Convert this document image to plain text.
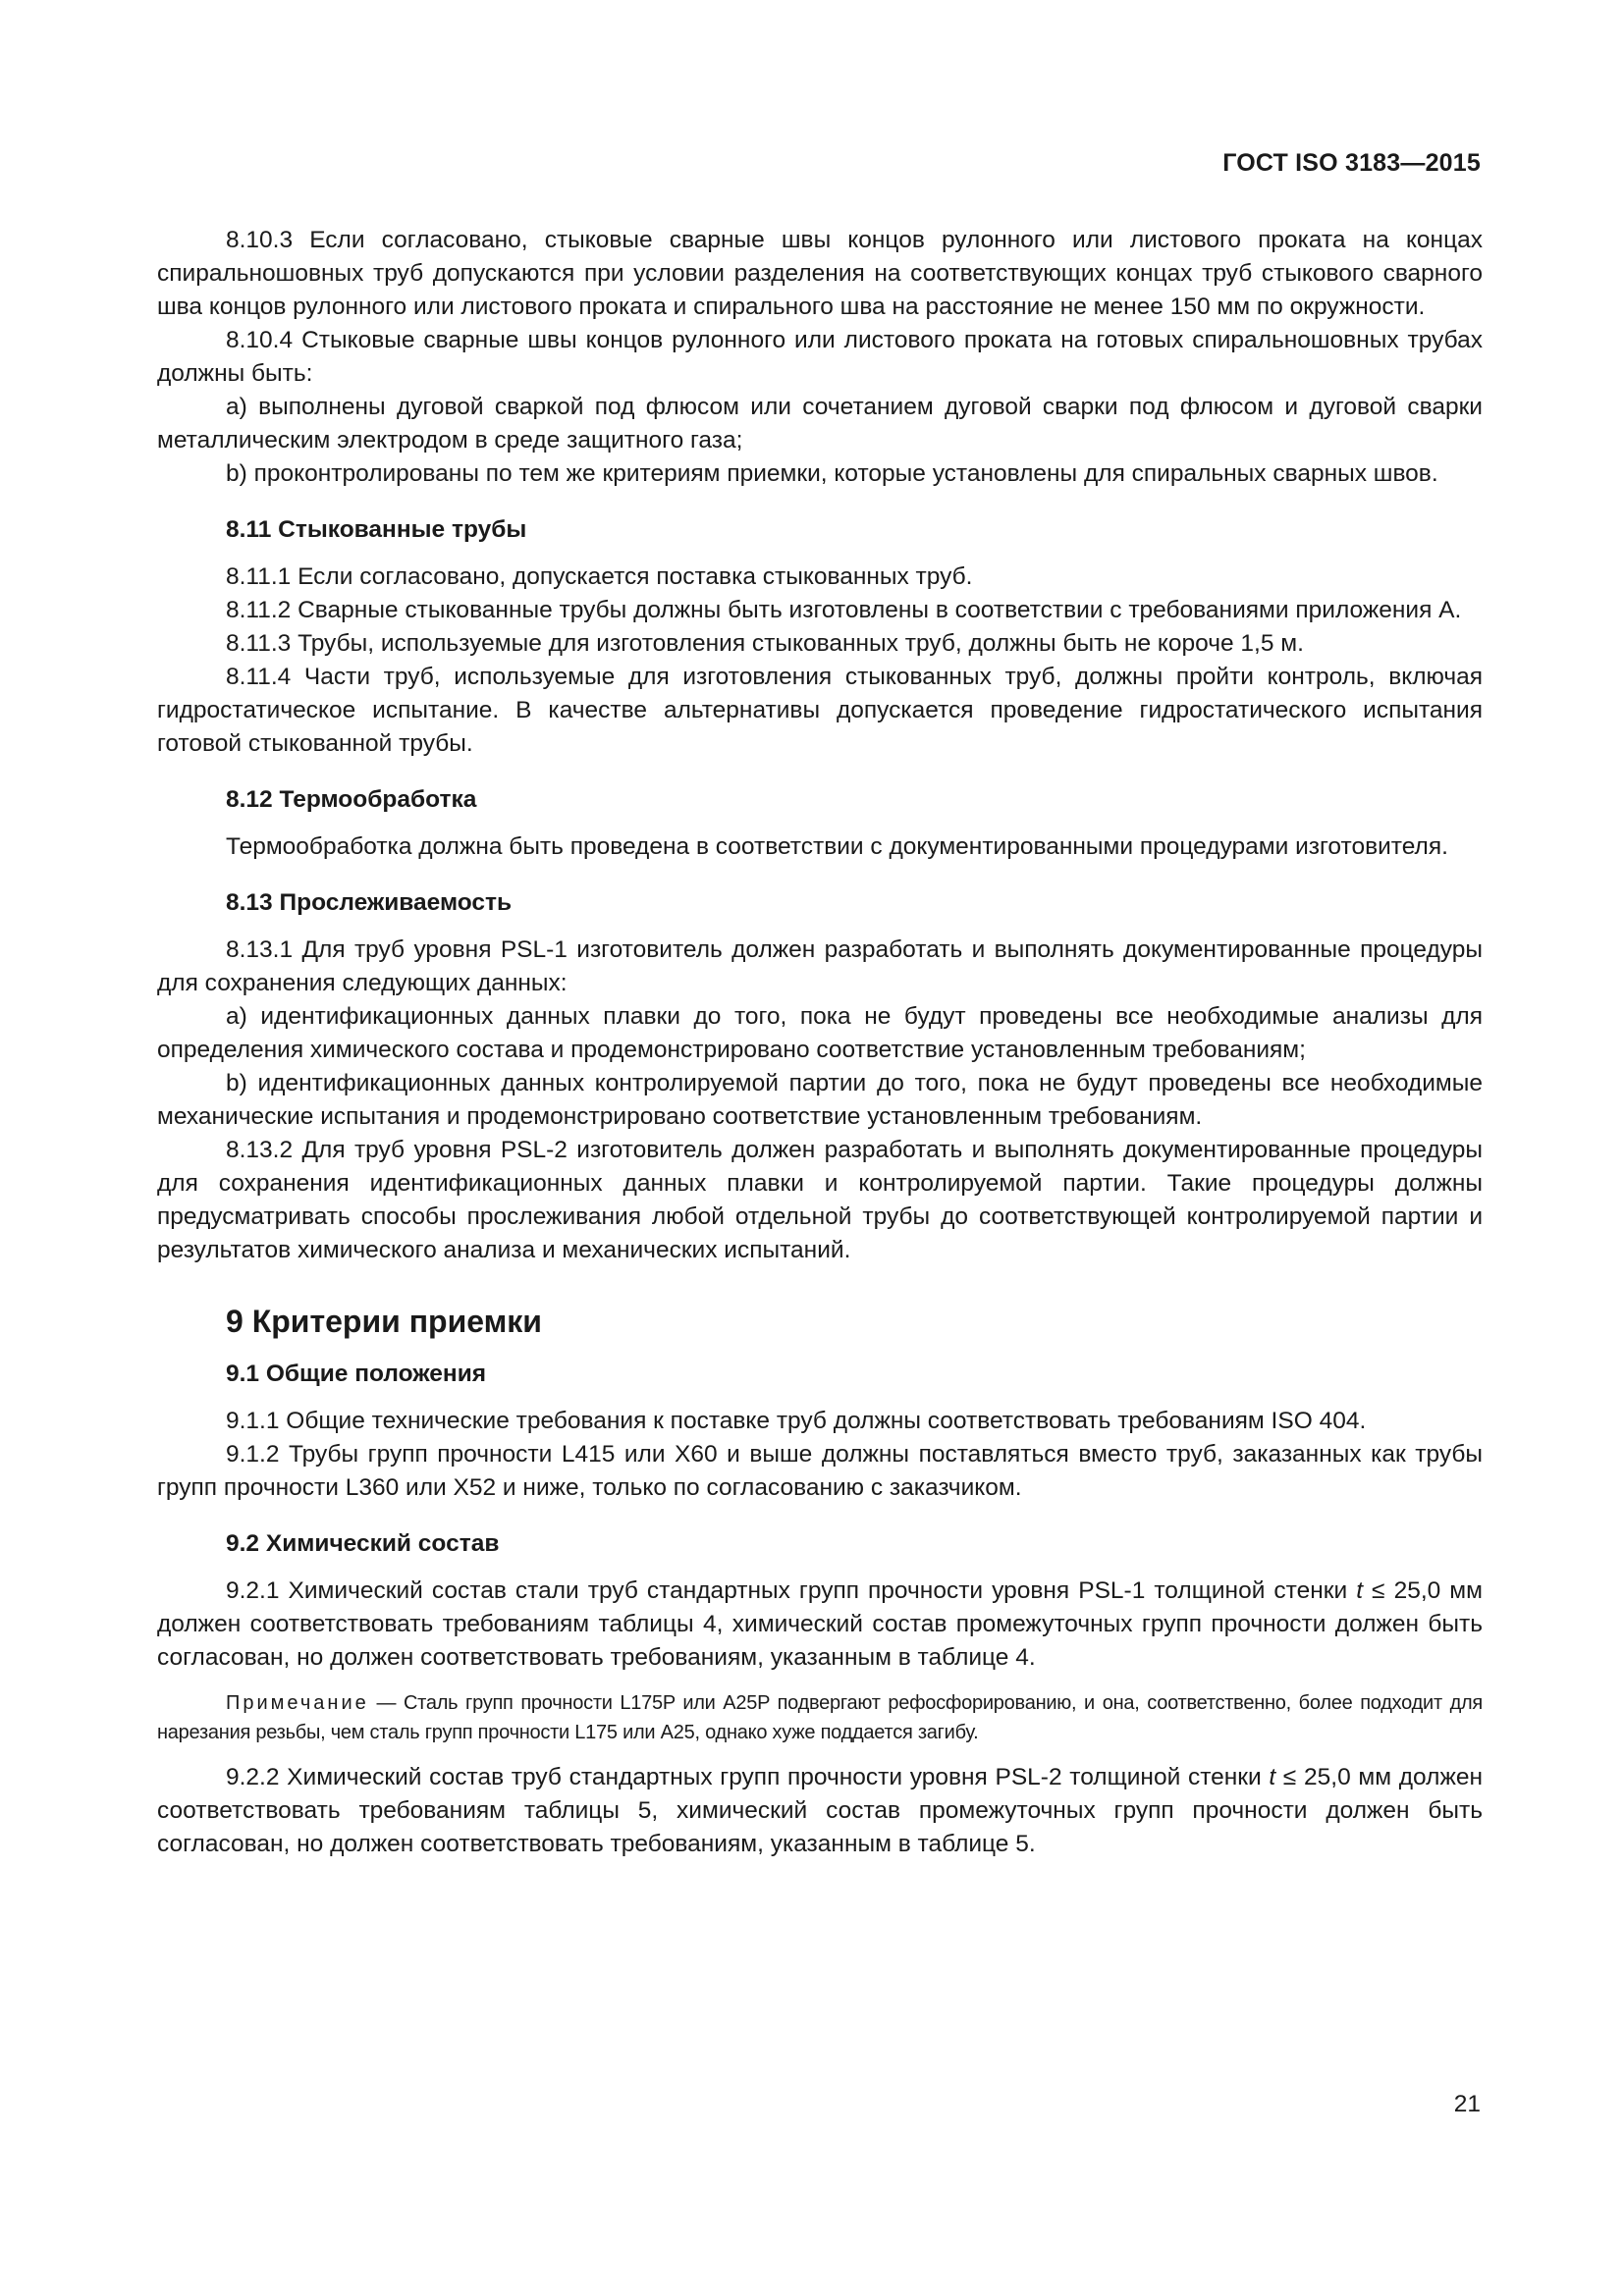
ГОСТ ISO 3183—2015

8.10.3 Если согласовано, стыковые сварные швы концов рулонного или листового проката на концах спиральношовных труб допускаются при условии разделения на соответствующих концах труб стыкового сварного шва концов рулонного или листового проката и спирального шва на расстояние не менее 150 мм по окружности.

8.10.4 Стыковые сварные швы концов рулонного или листового проката на готовых спиральношовных трубах должны быть:

a) выполнены дуговой сваркой под флюсом или сочетанием дуговой сварки под флюсом и дуговой сварки металлическим электродом в среде защитного газа;

b) проконтролированы по тем же критериям приемки, которые установлены для спиральных сварных швов.

8.11 Стыкованные трубы

8.11.1 Если согласовано, допускается поставка стыкованных труб.

8.11.2 Сварные стыкованные трубы должны быть изготовлены в соответствии с требованиями приложения А.

8.11.3 Трубы, используемые для изготовления стыкованных труб, должны быть не короче 1,5 м.

8.11.4 Части труб, используемые для изготовления стыкованных труб, должны пройти контроль, включая гидростатическое испытание. В качестве альтернативы допускается проведение гидростатического испытания готовой стыкованной трубы.

8.12 Термообработка

Термообработка должна быть проведена в соответствии с документированными процедурами изготовителя.

8.13 Прослеживаемость

8.13.1 Для труб уровня PSL-1 изготовитель должен разработать и выполнять документированные процедуры для сохранения следующих данных:

a) идентификационных данных плавки до того, пока не будут проведены все необходимые анализы для определения химического состава и продемонстрировано соответствие установленным требованиям;

b) идентификационных данных контролируемой партии до того, пока не будут проведены все необходимые механические испытания и продемонстрировано соответствие установленным требованиям.

8.13.2 Для труб уровня PSL-2 изготовитель должен разработать и выполнять документированные процедуры для сохранения идентификационных данных плавки и контролируемой партии. Такие процедуры должны предусматривать способы прослеживания любой отдельной трубы до соответствующей контролируемой партии и результатов химического анализа и механических испытаний.

9 Критерии приемки
9.1 Общие положения

9.1.1 Общие технические требования к поставке труб должны соответствовать требованиям ISO 404.

9.1.2 Трубы групп прочности L415 или X60 и выше должны поставляться вместо труб, заказанных как трубы групп прочности L360 или X52 и ниже, только по согласованию с заказчиком.

9.2 Химический состав

9.2.1 Химический состав стали труб стандартных групп прочности уровня PSL-1 толщиной стенки t ≤ 25,0 мм должен соответствовать требованиям таблицы 4, химический состав промежуточных групп прочности должен быть согласован, но должен соответствовать требованиям, указанным в таблице 4.

Примечание — Сталь групп прочности L175P или A25P подвергают рефосфорированию, и она, соответственно, более подходит для нарезания резьбы, чем сталь групп прочности L175 или A25, однако хуже поддается загибу.

9.2.2 Химический состав труб стандартных групп прочности уровня PSL-2 толщиной стенки t ≤ 25,0 мм должен соответствовать требованиям таблицы 5, химический состав промежуточных групп прочности должен быть согласован, но должен соответствовать требованиям, указанным в таблице 5.

21
